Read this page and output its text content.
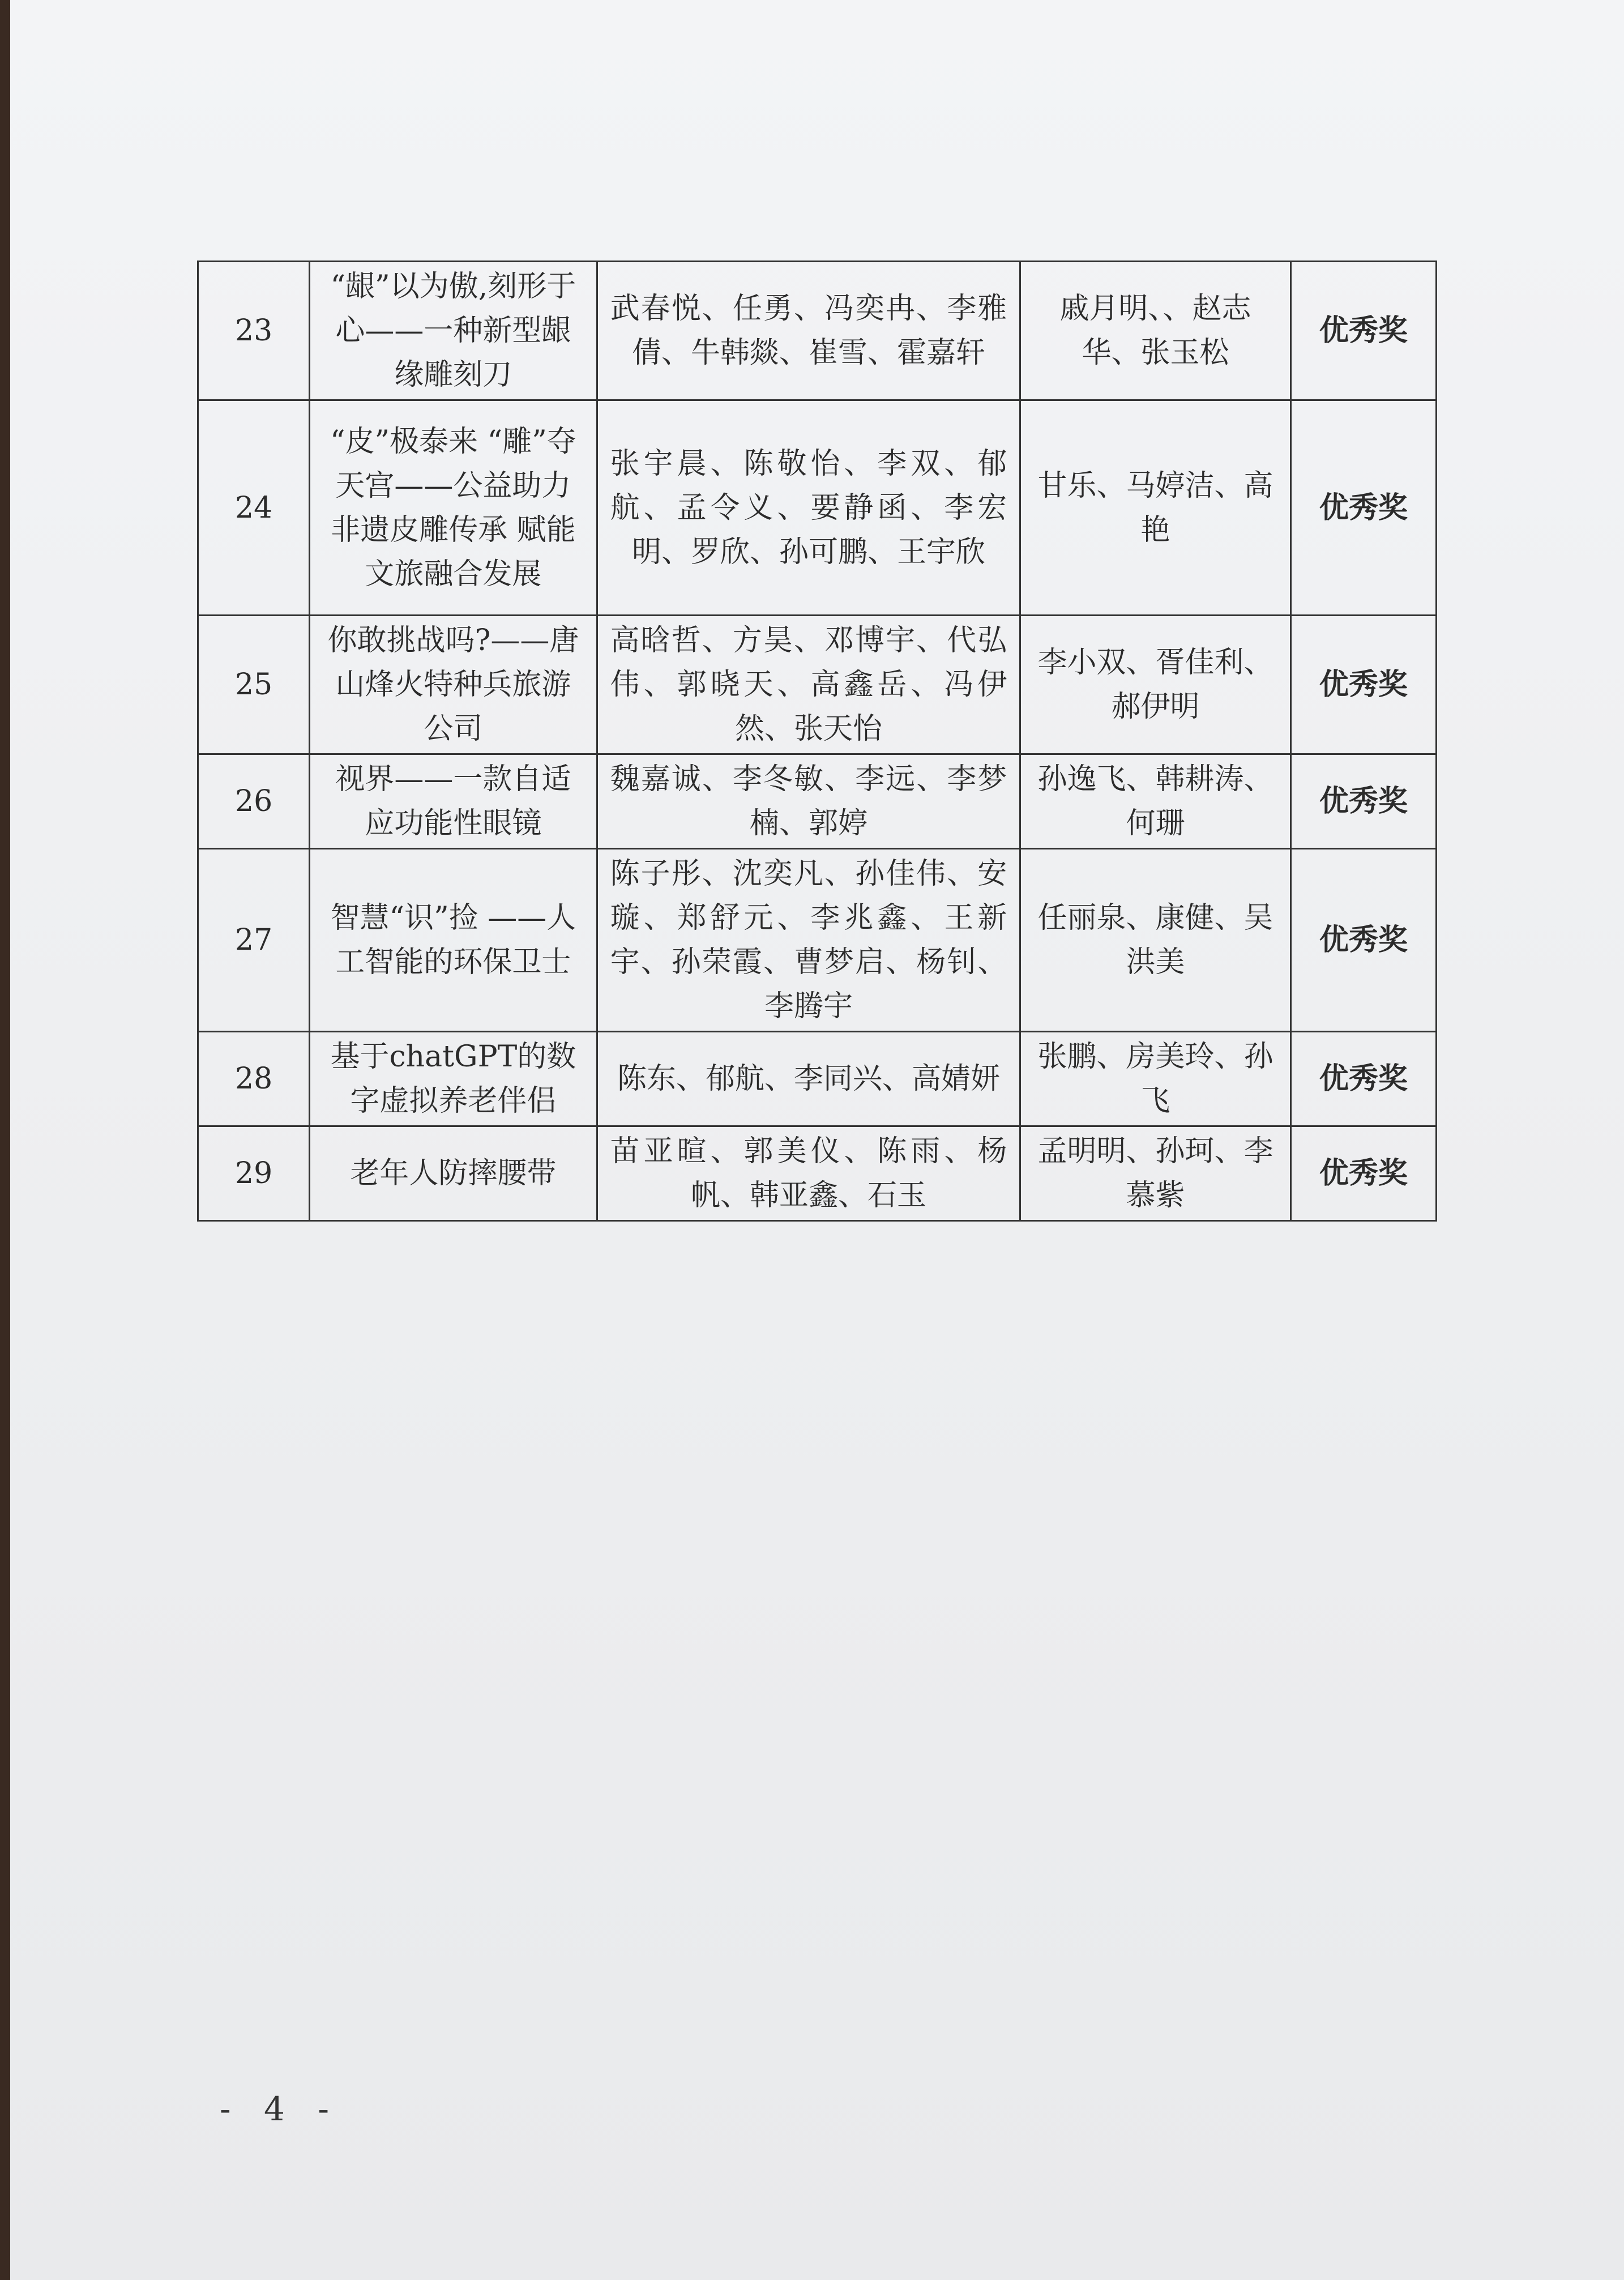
23	“龈”以为傲,刻形于心——一种新型龈缘雕刻刀	武春悦、任勇、冯奕冉、李雅倩、牛韩燚、崔雪、霍嘉轩	戚月明、、赵志华、张玉松	优秀奖
24	“皮”极泰来 “雕”夺天宫——公益助力非遗皮雕传承 赋能文旅融合发展	张宇晨、陈敬怡、李双、郁航、孟令义、要静函、李宏明、罗欣、孙可鹏、王宇欣	甘乐、马婷洁、高艳	优秀奖
25	你敢挑战吗?——唐山烽火特种兵旅游公司	高晗哲、方昊、邓博宇、代弘伟、郭晓天、高鑫岳、冯伊然、张天怡	李小双、胥佳利、郝伊明	优秀奖
26	视界——一款自适应功能性眼镜	魏嘉诚、李冬敏、李远、李梦楠、郭婷	孙逸飞、韩耕涛、何珊	优秀奖
27	智慧“识”捡 ——人工智能的环保卫士	陈子彤、沈奕凡、孙佳伟、安璇、郑舒元、李兆鑫、王新宇、孙荣霞、曹梦启、杨钊、李腾宇	任丽泉、康健、吴洪美	优秀奖
28	基于chatGPT的数字虚拟养老伴侣	陈东、郁航、李同兴、高婧妍	张鹏、房美玲、孙飞	优秀奖
29	老年人防摔腰带	苗亚暄、郭美仪、陈雨、杨帆、韩亚鑫、石玉	孟明明、孙珂、李慕紫	优秀奖
- 4 -
